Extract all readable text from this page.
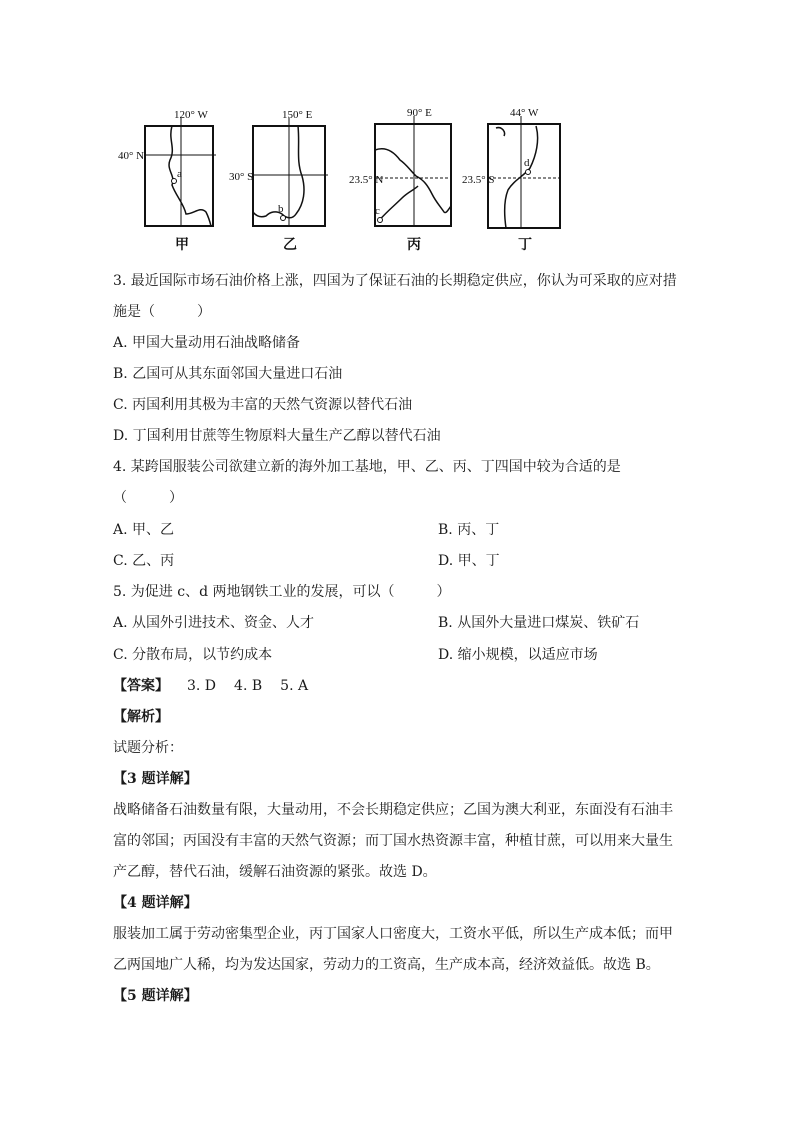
120° W
40° N
a
甲
150° E
30° S
b
乙
90° E
23.5° N
c
丙
44° W
23.5° S
d
丁
3. 最近国际市场石油价格上涨，四国为了保证石油的长期稳定供应，你认为可采取的应对措
施是（　　　）
A. 甲国大量动用石油战略储备
B. 乙国可从其东面邻国大量进口石油
C. 丙国利用其极为丰富的天然气资源以替代石油
D. 丁国利用甘蔗等生物原料大量生产乙醇以替代石油
4. 某跨国服装公司欲建立新的海外加工基地，甲、乙、丙、丁四国中较为合适的是
（　　　）
A. 甲、乙	B. 丙、丁
C. 乙、丙	D. 甲、丁
5. 为促进 c、d 两地钢铁工业的发展，可以（　　　）
A. 从国外引进技术、资金、人才	B. 从国外大量进口煤炭、铁矿石
C. 分散布局，以节约成本	D. 缩小规模，以适应市场
【答案】 3. D 4. B 5. A
【解析】
试题分析：
【3 题详解】
战略储备石油数量有限，大量动用，不会长期稳定供应；乙国为澳大利亚，东面没有石油丰
富的邻国；丙国没有丰富的天然气资源；而丁国水热资源丰富，种植甘蔗，可以用来大量生
产乙醇，替代石油，缓解石油资源的紧张。故选 D。
【4 题详解】
服装加工属于劳动密集型企业，丙丁国家人口密度大，工资水平低，所以生产成本低；而甲
乙两国地广人稀，均为发达国家，劳动力的工资高，生产成本高，经济效益低。故选 B。
【5 题详解】
